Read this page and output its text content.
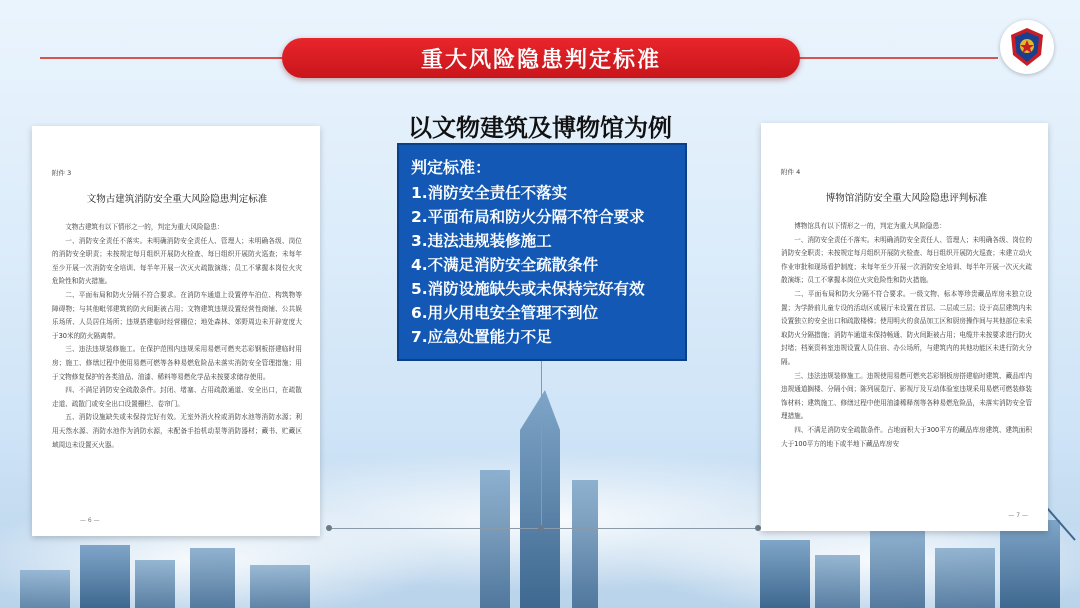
重大风险隐患判定标准
以文物建筑及博物馆为例
判定标准：
1.消防安全责任不落实
2.平面布局和防火分隔不符合要求
3.违法违规装修施工
4.不满足消防安全疏散条件
5.消防设施缺失或未保持完好有效
6.用火用电安全管理不到位
7.应急处置能力不足
附件 3
文物古建筑消防安全重大风险隐患判定标准

文物古建筑有以下情形之一的，判定为重大风险隐患：

一、消防安全责任不落实。未明确消防安全责任人、管理人；未明确各级、岗位的消防安全职责；未按规定每月组织开展防火检查、每日组织开展防火巡查；未每年至少开展一次消防安全培训、每半年开展一次灭火疏散演练；员工不掌握本岗位火灾危险性和防火措施。

二、平面布局和防火分隔不符合要求。在消防车通道上设置停车泊位、构筑物等障碍物；与其他毗邻建筑的防火间距被占用；文物建筑违规设置经营性商铺、公共娱乐场所、人员居住场所；违规搭建临时经营棚位；地处森林、郊野周边未开辟宽度大于30米的防火隔离带。

三、违法违规装修施工。在保护范围内违规采用易燃可燃夹芯彩钢板搭建临时用房；施工、修缮过程中使用易燃可燃等各种易燃危险品未落实消防安全管理措施；用于文物修复保护的各类油品、油漆、稀料等易燃化学品未按要求储存使用。

四、不满足消防安全疏散条件。封闭、堵塞、占用疏散通道、安全出口，在疏散走道、疏散门或安全出口设置栅栏、卷帘门。

五、消防设施缺失或未保持完好有效。无室外消火栓或消防水池等消防水源；利用天然水源、消防水池作为消防水源，未配备手抬机动泵等消防器材；藏书、贮藏区域周边未设置灭火器。

— 6 —
附件 4
博物馆消防安全重大风险隐患评判标准

博物馆具有以下情形之一的，判定为重大风险隐患：

一、消防安全责任不落实。未明确消防安全责任人、管理人；未明确各级、岗位的消防安全职责；未按规定每月组织开展防火检查、每日组织开展防火巡查；未建立动火作业审批和现场看护制度；未每年至少开展一次消防安全培训、每半年开展一次灭火疏散演练；员工不掌握本岗位火灾危险性和防火措施。

二、平面布局和防火分隔不符合要求。一级文物、标本等珍贵藏品库房未独立设置；为学龄前儿童专设的活动区或展厅未设置在首层、二层或三层；设于高层建筑内未设置独立的安全出口和疏散楼梯；使用明火的食品加工区和厨房操作间与其他部位未采取防火分隔措施；消防车通道未保持畅通、防火间距被占用；电缆井未按要求进行防火封堵；档案资料室违规设置人员住宿、办公场所，与建筑内的其他功能区未进行防火分隔。

三、违法违规装修施工。违规使用易燃可燃夹芯彩钢板房搭建临时建筑、藏品库内违规通道搁楼、分隔小间；陈列展览厅、影视厅及互动体验室违规采用易燃可燃装修装饰材料；建筑施工、修缮过程中使用油漆稀释剂等各种易燃危险品，未落实消防安全管理措施。

四、不满足消防安全疏散条件。占地面积大于300平方的藏品库房建筑、建筑面积大于100平方的地下或半地下藏品库房安

— 7 —
